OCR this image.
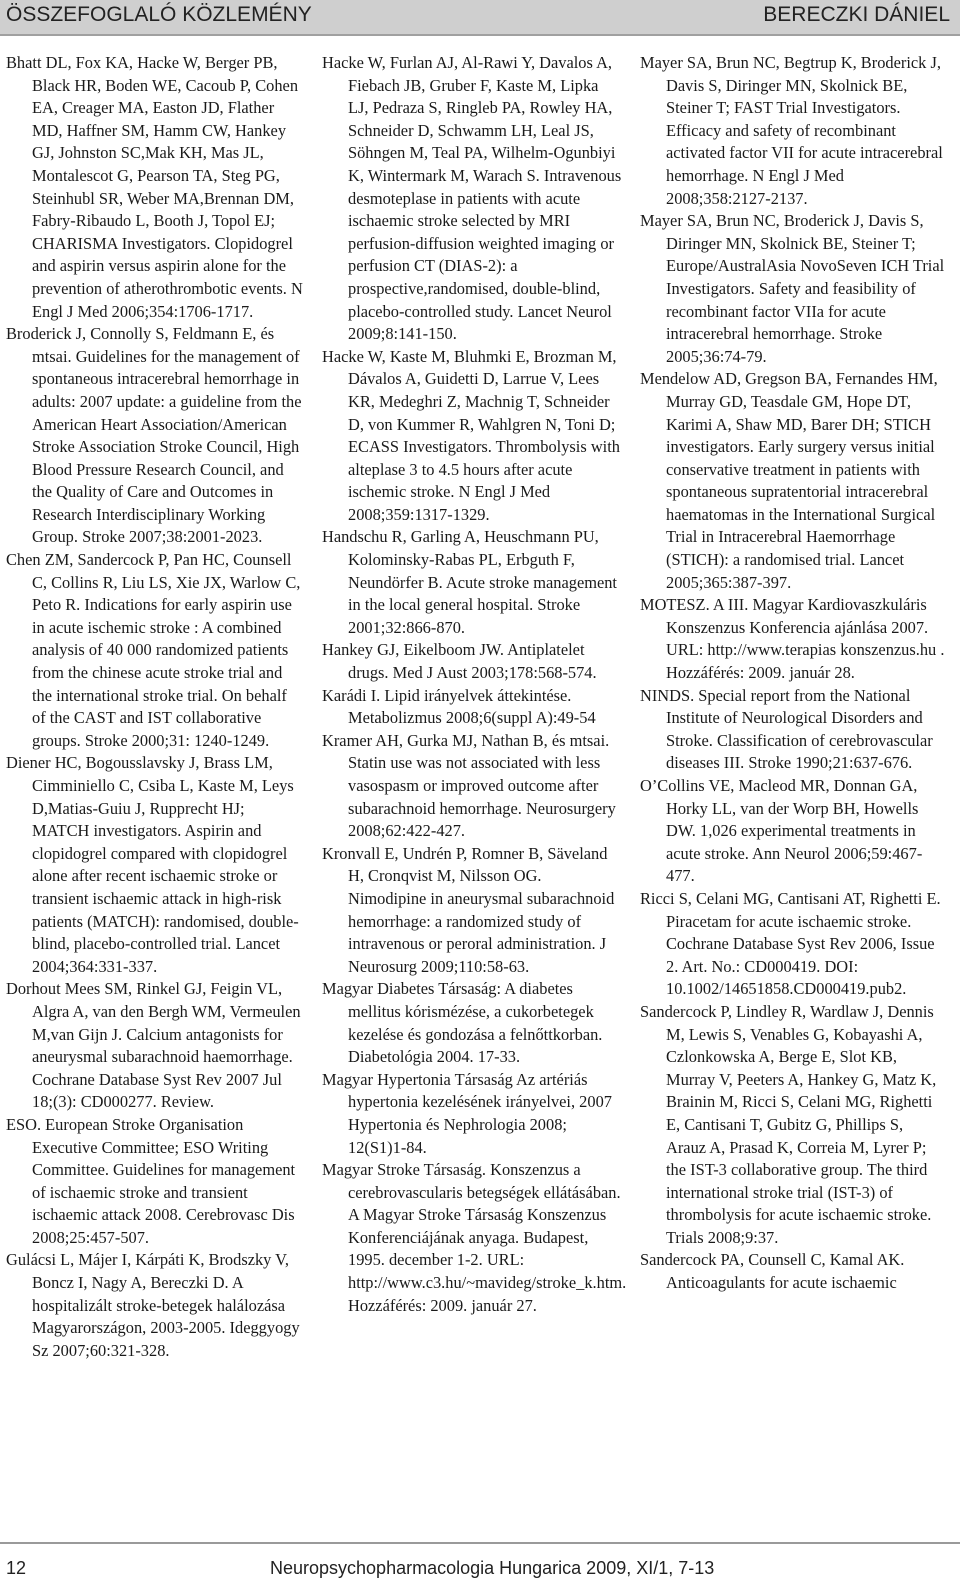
ÖSSZEFOGLALÓ KÖZLEMÉNY	BERECZKI DÁNIEL

Bhatt DL, Fox KA, Hacke W, Berger PB, Black HR, Boden WE, Cacoub P, Cohen EA, Creager MA, Easton JD, Flather MD, Haffner SM, Hamm CW, Hankey GJ, Johnston SC,Mak KH, Mas JL, Montalescot G, Pearson TA, Steg PG, Steinhubl SR, Weber MA,Brennan DM, Fabry-Ribaudo L, Booth J, Topol EJ; CHARISMA Investigators. Clopidogrel and aspirin versus aspirin alone for the prevention of atherothrombotic events. N Engl J Med 2006;354:1706-1717.

Broderick J, Connolly S, Feldmann E, és mtsai. Guidelines for the management of spontaneous intracerebral hemorrhage in adults: 2007 update: a guideline from the American Heart Association/American Stroke Association Stroke Council, High Blood Pressure Research Council, and the Quality of Care and Outcomes in Research Interdisciplinary Working Group. Stroke 2007;38:2001-2023.

Chen ZM, Sandercock P, Pan HC, Counsell C, Collins R, Liu LS, Xie JX, Warlow C, Peto R. Indications for early aspirin use in acute ischemic stroke : A combined analysis of 40 000 randomized patients from the chinese acute stroke trial and the international stroke trial. On behalf of the CAST and IST collaborative groups. Stroke 2000;31: 1240-1249.

Diener HC, Bogousslavsky J, Brass LM, Cimminiello C, Csiba L, Kaste M, Leys D,Matias-Guiu J, Rupprecht HJ; MATCH investigators. Aspirin and clopidogrel compared with clopidogrel alone after recent ischaemic stroke or transient ischaemic attack in high-risk patients (MATCH): randomised, double-blind, placebo-controlled trial. Lancet 2004;364:331-337.

Dorhout Mees SM, Rinkel GJ, Feigin VL, Algra A, van den Bergh WM, Vermeulen M,van Gijn J. Calcium antagonists for aneurysmal subarachnoid haemorrhage. Cochrane Database Syst Rev 2007 Jul 18;(3): CD000277. Review.

ESO. European Stroke Organisation Executive Committee; ESO Writing Committee. Guidelines for management of ischaemic stroke and transient ischaemic attack 2008. Cerebrovasc Dis 2008;25:457-507.

Gulácsi L, Májer I, Kárpáti K, Brodszky V, Boncz I, Nagy A, Bereczki D. A hospitalizált stroke-betegek halálozása Magyarországon, 2003-2005. Ideggyogy Sz 2007;60:321-328.

Hacke W, Furlan AJ, Al-Rawi Y, Davalos A, Fiebach JB, Gruber F, Kaste M, Lipka LJ, Pedraza S, Ringleb PA, Rowley HA, Schneider D, Schwamm LH, Leal JS, Söhngen M, Teal PA, Wilhelm-Ogunbiyi K, Wintermark M, Warach S. Intravenous desmoteplase in patients with acute ischaemic stroke selected by MRI perfusion-diffusion weighted imaging or perfusion CT (DIAS-2): a prospective,randomised, double-blind, placebo-controlled study. Lancet Neurol 2009;8:141-150.

Hacke W, Kaste M, Bluhmki E, Brozman M, Dávalos A, Guidetti D, Larrue V, Lees KR, Medeghri Z, Machnig T, Schneider D, von Kummer R, Wahlgren N, Toni D; ECASS Investigators. Thrombolysis with alteplase 3 to 4.5 hours after acute ischemic stroke. N Engl J Med 2008;359:1317-1329.

Handschu R, Garling A, Heuschmann PU, Kolominsky-Rabas PL, Erbguth F, Neundörfer B. Acute stroke management in the local general hospital. Stroke 2001;32:866-870.

Hankey GJ, Eikelboom JW. Antiplatelet drugs. Med J Aust 2003;178:568-574.

Karádi I. Lipid irányelvek áttekintése. Metabolizmus 2008;6(suppl A):49-54

Kramer AH, Gurka MJ, Nathan B, és mtsai. Statin use was not associated with less vasospasm or improved outcome after subarachnoid hemorrhage. Neurosurgery 2008;62:422-427.

Kronvall E, Undrén P, Romner B, Säveland H, Cronqvist M, Nilsson OG. Nimodipine in aneurysmal subarachnoid hemorrhage: a randomized study of intravenous or peroral administration. J Neurosurg 2009;110:58-63.

Magyar Diabetes Társaság: A diabetes mellitus kórismézése, a cukorbetegek kezelése és gondozása a felnőttkorban. Diabetológia 2004. 17-33.

Magyar Hypertonia Társaság Az artériás hypertonia kezelésének irányelvei, 2007 Hypertonia és Nephrologia 2008; 12(S1)1-84.

Magyar Stroke Társaság. Konszenzus a cerebrovascularis betegségek ellátásában. A Magyar Stroke Társaság Konszenzus Konferenciájának anyaga. Budapest, 1995. december 1-2. URL: http://www.c3.hu/~mavideg/stroke_k.htm. Hozzáférés: 2009. január 27.

Mayer SA, Brun NC, Begtrup K, Broderick J, Davis S, Diringer MN, Skolnick BE, Steiner T; FAST Trial Investigators. Efficacy and safety of recombinant activated factor VII for acute intracerebral hemorrhage. N Engl J Med 2008;358:2127-2137.

Mayer SA, Brun NC, Broderick J, Davis S, Diringer MN, Skolnick BE, Steiner T; Europe/AustralAsia NovoSeven ICH Trial Investigators. Safety and feasibility of recombinant factor VIIa for acute intracerebral hemorrhage. Stroke 2005;36:74-79.

Mendelow AD, Gregson BA, Fernandes HM, Murray GD, Teasdale GM, Hope DT, Karimi A, Shaw MD, Barer DH; STICH investigators. Early surgery versus initial conservative treatment in patients with spontaneous supratentorial intracerebral haematomas in the International Surgical Trial in Intracerebral Haemorrhage (STICH): a randomised trial. Lancet 2005;365:387-397.

MOTESZ. A III. Magyar Kardiovaszkuláris Konszenzus Konferencia ajánlása 2007. URL: http://www.terapias konszenzus.hu . Hozzáférés: 2009. január 28.

NINDS. Special report from the National Institute of Neurological Disorders and Stroke. Classification of cerebrovascular diseases III. Stroke 1990;21:637-676.

O’Collins VE, Macleod MR, Donnan GA, Horky LL, van der Worp BH, Howells DW. 1,026 experimental treatments in acute stroke. Ann Neurol 2006;59:467-477.

Ricci S, Celani MG, Cantisani AT, Righetti E. Piracetam for acute ischaemic stroke. Cochrane Database Syst Rev 2006, Issue 2. Art. No.: CD000419. DOI: 10.1002/14651858.CD000419.pub2.

Sandercock P, Lindley R, Wardlaw J, Dennis M, Lewis S, Venables G, Kobayashi A, Czlonkowska A, Berge E, Slot KB, Murray V, Peeters A, Hankey G, Matz K, Brainin M, Ricci S, Celani MG, Righetti E, Cantisani T, Gubitz G, Phillips S, Arauz A, Prasad K, Correia M, Lyrer P; the IST-3 collaborative group. The third international stroke trial (IST-3) of thrombolysis for acute ischaemic stroke. Trials 2008;9:37.

Sandercock PA, Counsell C, Kamal AK. Anticoagulants for acute ischaemic

12	Neuropsychopharmacologia Hungarica 2009, XI/1, 7-13
